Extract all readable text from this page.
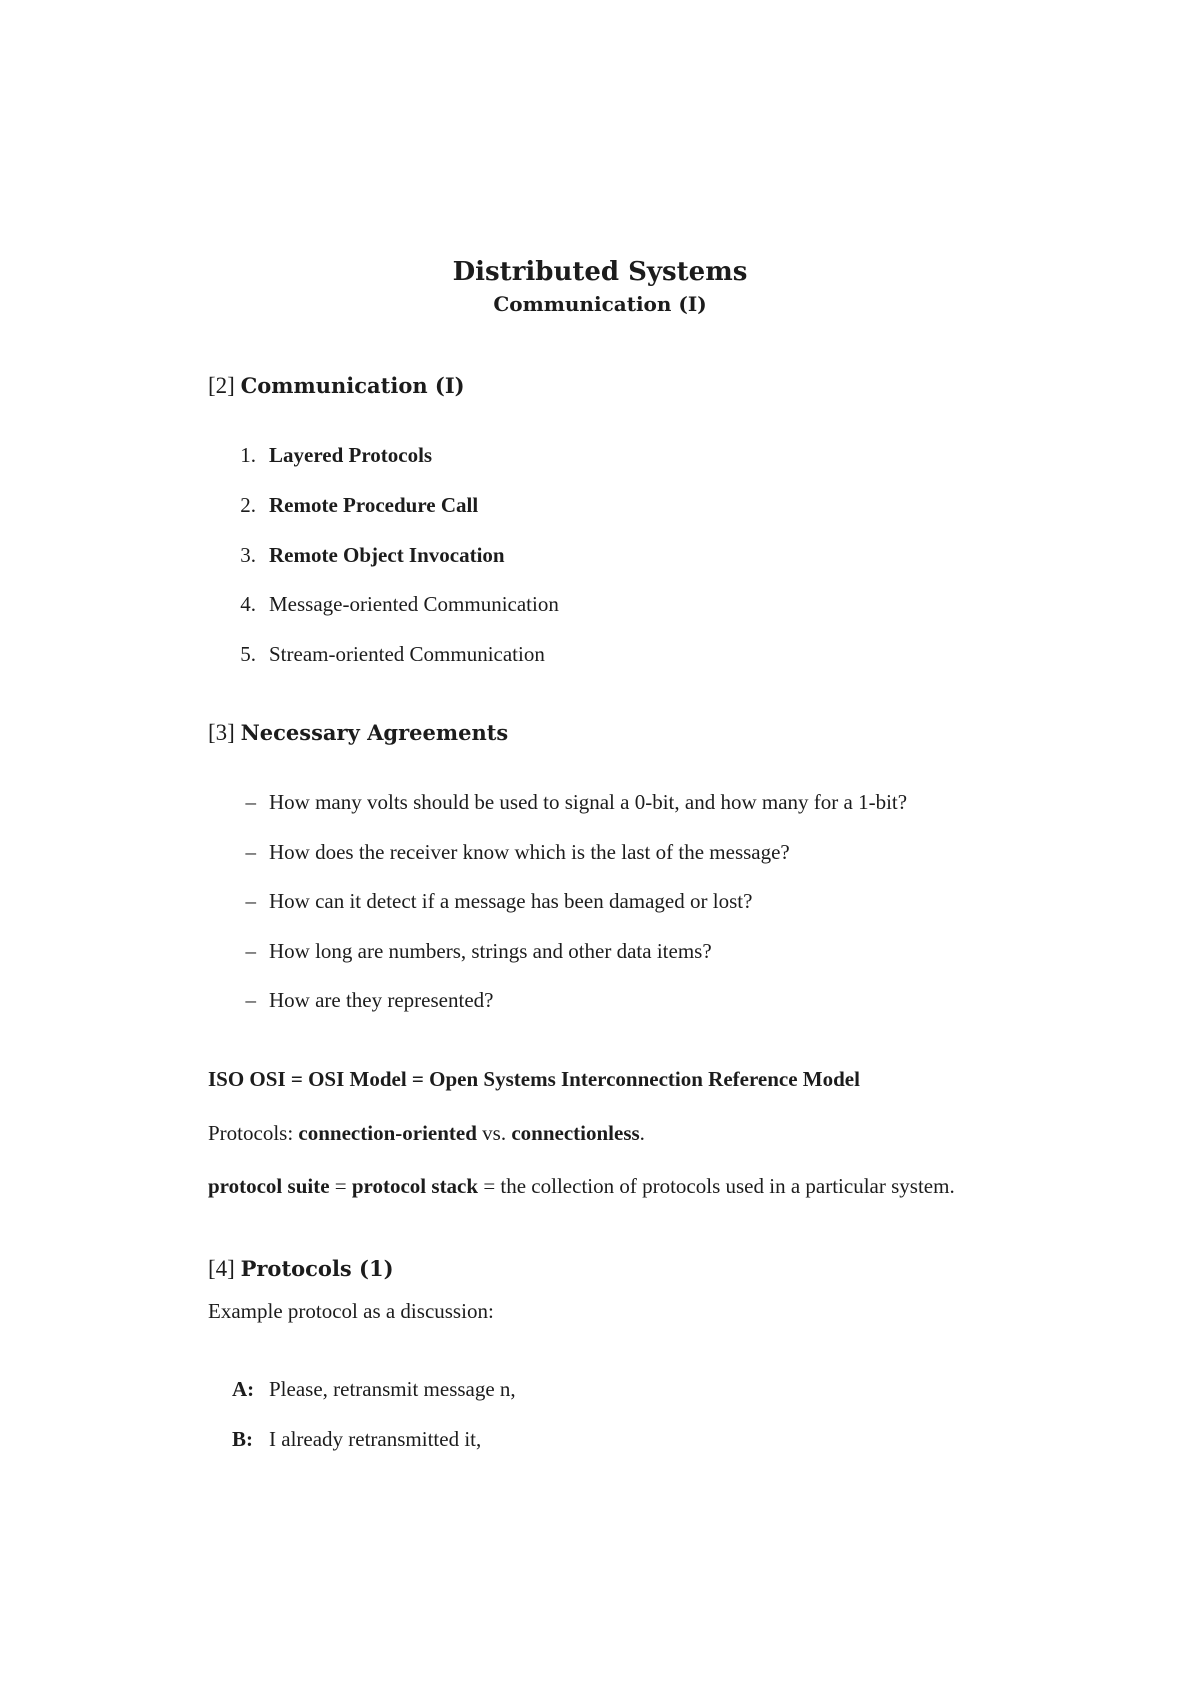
Distributed Systems
Communication (I)
[2] Communication (I)
1. Layered Protocols
2. Remote Procedure Call
3. Remote Object Invocation
4. Message-oriented Communication
5. Stream-oriented Communication
[3] Necessary Agreements
– How many volts should be used to signal a 0-bit, and how many for a 1-bit?
– How does the receiver know which is the last of the message?
– How can it detect if a message has been damaged or lost?
– How long are numbers, strings and other data items?
– How are they represented?
ISO OSI = OSI Model = Open Systems Interconnection Reference Model
Protocols: connection-oriented vs. connectionless.
protocol suite = protocol stack = the collection of protocols used in a particular system.
[4] Protocols (1)
Example protocol as a discussion:
A: Please, retransmit message n,
B: I already retransmitted it,
